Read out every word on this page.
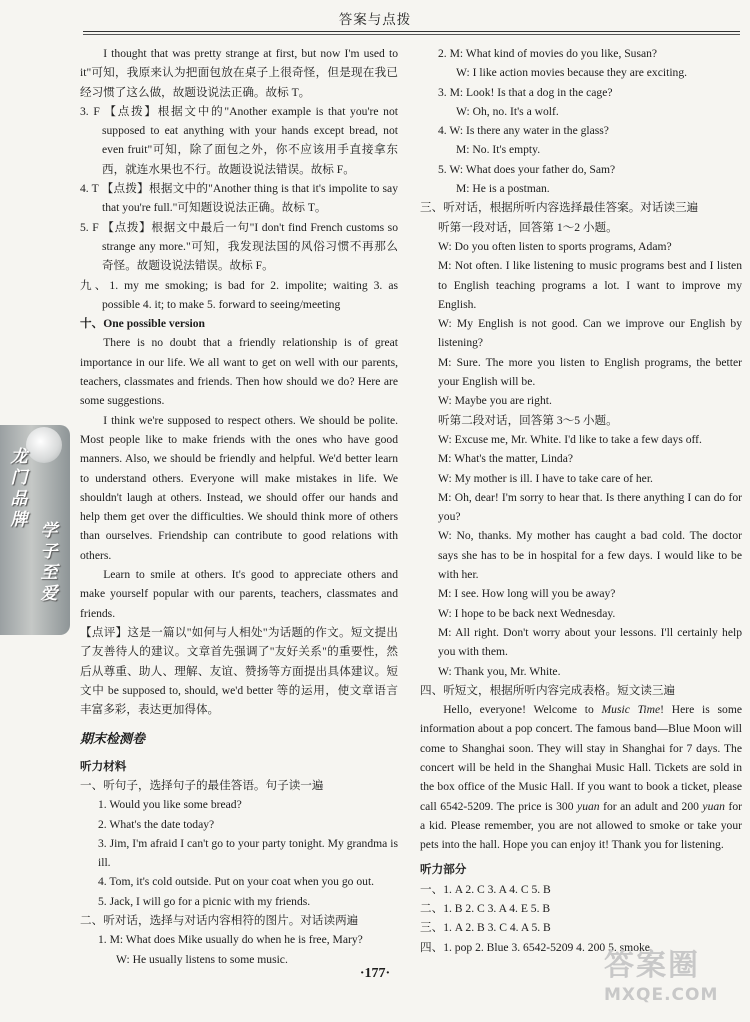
答案与点拨
龙门品牌
学子至爱

I thought that was pretty strange at first, but now I'm used to it"可知，我原来认为把面包放在桌子上很奇怪，但是现在我已经习惯了这么做，故题设说法正确。故标 T。

3. F 【点拨】根据文中的"Another example is that you're not supposed to eat anything with your hands except bread, not even fruit"可知，除了面包之外，你不应该用手直接拿东西，就连水果也不行。故题设说法错误。故标 F。

4. T 【点拨】根据文中的"Another thing is that it's impolite to say that you're full."可知题设说法正确。故标 T。

5. F 【点拨】根据文中最后一句"I don't find French customs so strange any more."可知，我发现法国的风俗习惯不再那么奇怪。故题设说法错误。故标 F。

九、1. my me smoking; is bad for 2. impolite; waiting 3. as possible 4. it; to make 5. forward to seeing/meeting

十、One possible version

There is no doubt that a friendly relationship is of great importance in our life. We all want to get on well with our parents, teachers, classmates and friends. Then how should we do? Here are some suggestions.

I think we're supposed to respect others. We should be polite. Most people like to make friends with the ones who have good manners. Also, we should be friendly and helpful. We'd better learn to understand others. Everyone will make mistakes in life. We shouldn't laugh at others. Instead, we should offer our hands and help them get over the difficulties. We should think more of others than ourselves. Friendship can contribute to good relations with others.

Learn to smile at others. It's good to appreciate others and make yourself popular with our parents, teachers, classmates and friends.

【点评】这是一篇以"如何与人相处"为话题的作文。短文提出了友善待人的建议。文章首先强调了"友好关系"的重要性，然后从尊重、助人、理解、友谊、赞扬等方面提出具体建议。短文中 be supposed to, should, we'd better 等的运用，使文章语言丰富多彩，表达更加得体。

期末检测卷

听力材料

一、听句子，选择句子的最佳答语。句子读一遍

1. Would you like some bread?

2. What's the date today?

3. Jim, I'm afraid I can't go to your party tonight. My grandma is ill.

4. Tom, it's cold outside. Put on your coat when you go out.

5. Jack, I will go for a picnic with my friends.

二、听对话，选择与对话内容相符的图片。对话读两遍

1. M: What does Mike usually do when he is free, Mary?

W: He usually listens to some music.

2. M: What kind of movies do you like, Susan?

W: I like action movies because they are exciting.

3. M: Look! Is that a dog in the cage?

W: Oh, no. It's a wolf.

4. W: Is there any water in the glass?

M: No. It's empty.

5. W: What does your father do, Sam?

M: He is a postman.

三、听对话，根据所听内容选择最佳答案。对话读三遍

听第一段对话，回答第 1～2 小题。

W: Do you often listen to sports programs, Adam?

M: Not often. I like listening to music programs best and I listen to English teaching programs a lot. I want to improve my English.

W: My English is not good. Can we improve our English by listening?

M: Sure. The more you listen to English programs, the better your English will be.

W: Maybe you are right.

听第二段对话，回答第 3～5 小题。

W: Excuse me, Mr. White. I'd like to take a few days off.

M: What's the matter, Linda?

W: My mother is ill. I have to take care of her.

M: Oh, dear! I'm sorry to hear that. Is there anything I can do for you?

W: No, thanks. My mother has caught a bad cold. The doctor says she has to be in hospital for a few days. I would like to be with her.

M: I see. How long will you be away?

W: I hope to be back next Wednesday.

M: All right. Don't worry about your lessons. I'll certainly help you with them.

W: Thank you, Mr. White.

四、听短文，根据所听内容完成表格。短文读三遍

Hello, everyone! Welcome to Music Time! Here is some information about a pop concert. The famous band—Blue Moon will come to Shanghai soon. They will stay in Shanghai for 7 days. The concert will be held in the Shanghai Music Hall. Tickets are sold in the box office of the Music Hall. If you want to book a ticket, please call 6542-5209. The price is 300 yuan for an adult and 200 yuan for a kid. Please remember, you are not allowed to smoke or take your pets into the hall. Hope you can enjoy it! Thank you for listening.

听力部分

一、1. A 2. C 3. A 4. C 5. B

二、1. B 2. C 3. A 4. E 5. B

三、1. A 2. B 3. C 4. A 5. B

四、1. pop 2. Blue 3. 6542-5209 4. 200 5. smoke

·177·	答案圈
MXQE.COM
